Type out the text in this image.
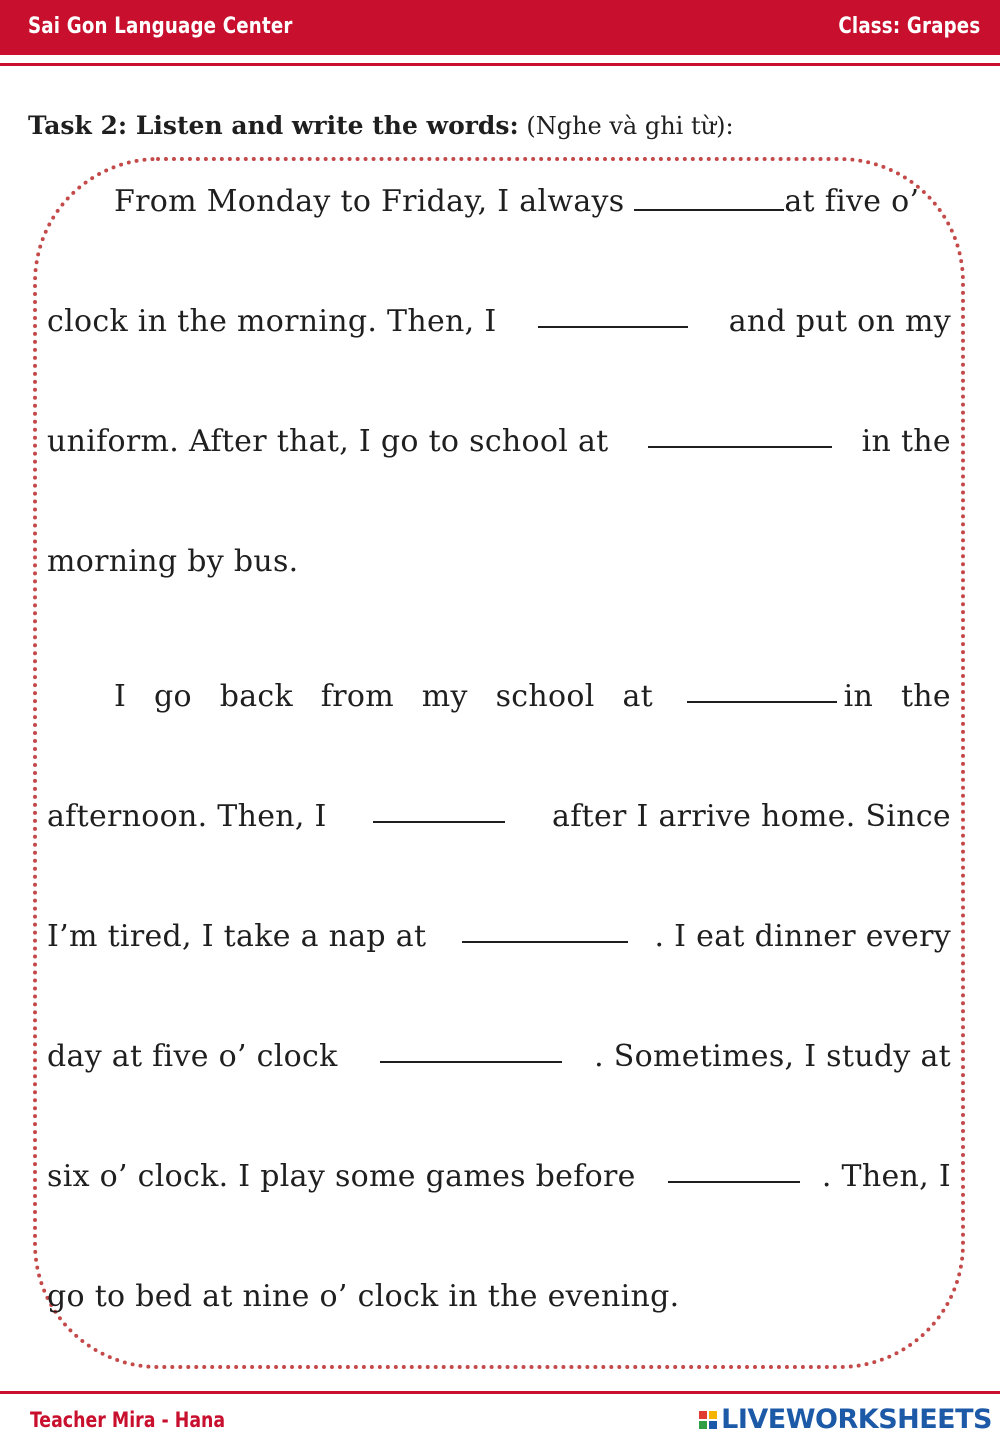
Sai Gon Language Center	Class: Grapes
Task 2: Listen and write the words: (Nghe và ghi từ):
From Monday to Friday, I always	at five o’
clock in the morning. Then, I	and put on my
uniform. After that, I go to school at	in the
morning by bus.
I go back from my school at	in the
afternoon. Then, I	after I arrive home. Since
I’m tired, I take a nap at	. I eat dinner every
day at five o’ clock	. Sometimes, I study at
six o’ clock. I play some games before	. Then, I
go to bed at nine o’ clock in the evening.
Teacher Mira - Hana	LIVEWORKSHEETS
